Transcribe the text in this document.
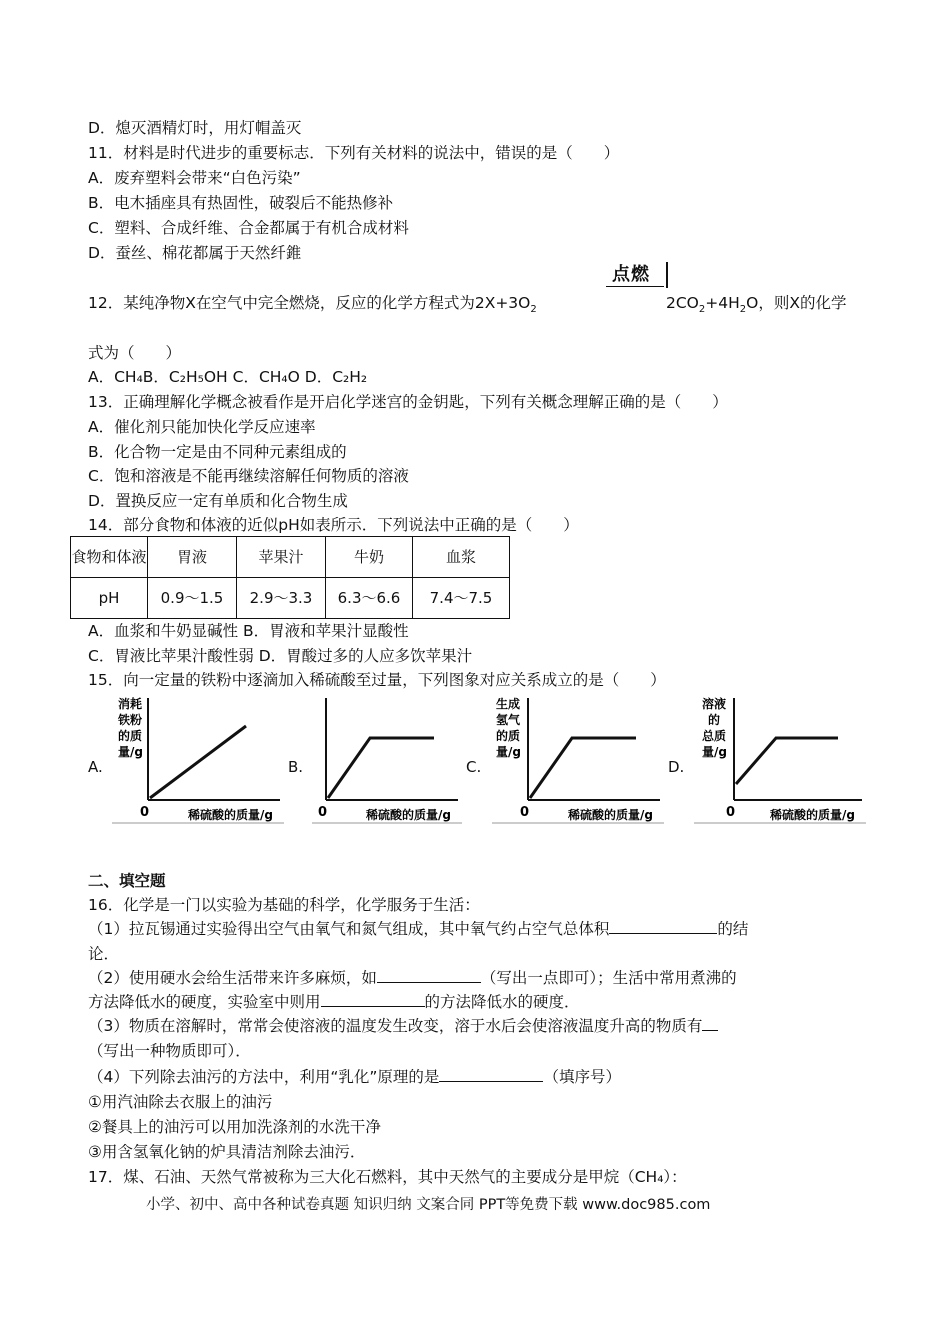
D．熄灭酒精灯时，用灯帽盖灭
11．材料是时代进步的重要标志．下列有关材料的说法中，错误的是（　　）
A．废弃塑料会带来“白色污染”
B．电木插座具有热固性，破裂后不能热修补
C．塑料、合成纤维、合金都属于有机合成材料
D．蚕丝、棉花都属于天然纤錐
点燃
12．某纯净物X在空气中完全燃烧，反应的化学方程式为$2X+3O_2$	$2CO_2+4H_2O$，则X的化学
式为（　　）
A．CH₄B．C₂H₅OH C．CH₄O D．C₂H₂
13．正确理解化学概念被看作是开启化学迷宫的金钥匙，下列有关概念理解正确的是（　　）
A．催化剂只能加快化学反应速率
B．化合物一定是由不同种元素组成的
C．饱和溶液是不能再继续溶解任何物质的溶液
D．置换反应一定有单质和化合物生成
14．部分食物和体液的近似pH如表所示．下列说法中正确的是（　　）
食物和体液	胃液	苹果汁	牛奶	血浆
pH	0.9～1.5	2.9～3.3	6.3～6.6	7.4～7.5
A．血浆和牛奶显碱性 B．胃液和苹果汁显酸性
C．胃液比苹果汁酸性弱 D．胃酸过多的人应多饮苹果汁
15．向一定量的铁粉中逐滴加入稀硫酸至过量，下列图象对应关系成立的是（　　）
A.	B.	C.	D.
消耗
铁粉
的质
量/g
0	稀硫酸的质量/g	0	稀硫酸的质量/g
生成
氢气
的质
量/g
0	稀硫酸的质量/g
溶液
的
总质
量/g
0	稀硫酸的质量/g
二、填空题
16．化学是一门以实验为基础的科学，化学服务于生活：
（1）拉瓦锡通过实验得出空气由氧气和氮气组成，其中氧气约占空气总体积	的结
论．
（2）使用硬水会给生活带来许多麻烦，如	（写出一点即可）；生活中常用煮沸的
方法降低水的硬度，实验室中则用	的方法降低水的硬度．
（3）物质在溶解时，常常会使溶液的温度发生改变，溶于水后会使溶液温度升高的物质有
（写出一种物质即可）．
（4）下列除去油污的方法中，利用“乳化”原理的是	（填序号）
①用汽油除去衣服上的油污
②餐具上的油污可以用加洗涤剂的水洗干净
③用含氢氧化钠的炉具清洁剂除去油污．
17．煤、石油、天然气常被称为三大化石燃料，其中天然气的主要成分是甲烷（CH₄）：
小学、初中、高中各种试卷真题 知识归纳 文案合同 PPT等免费下载 www.doc985.com
